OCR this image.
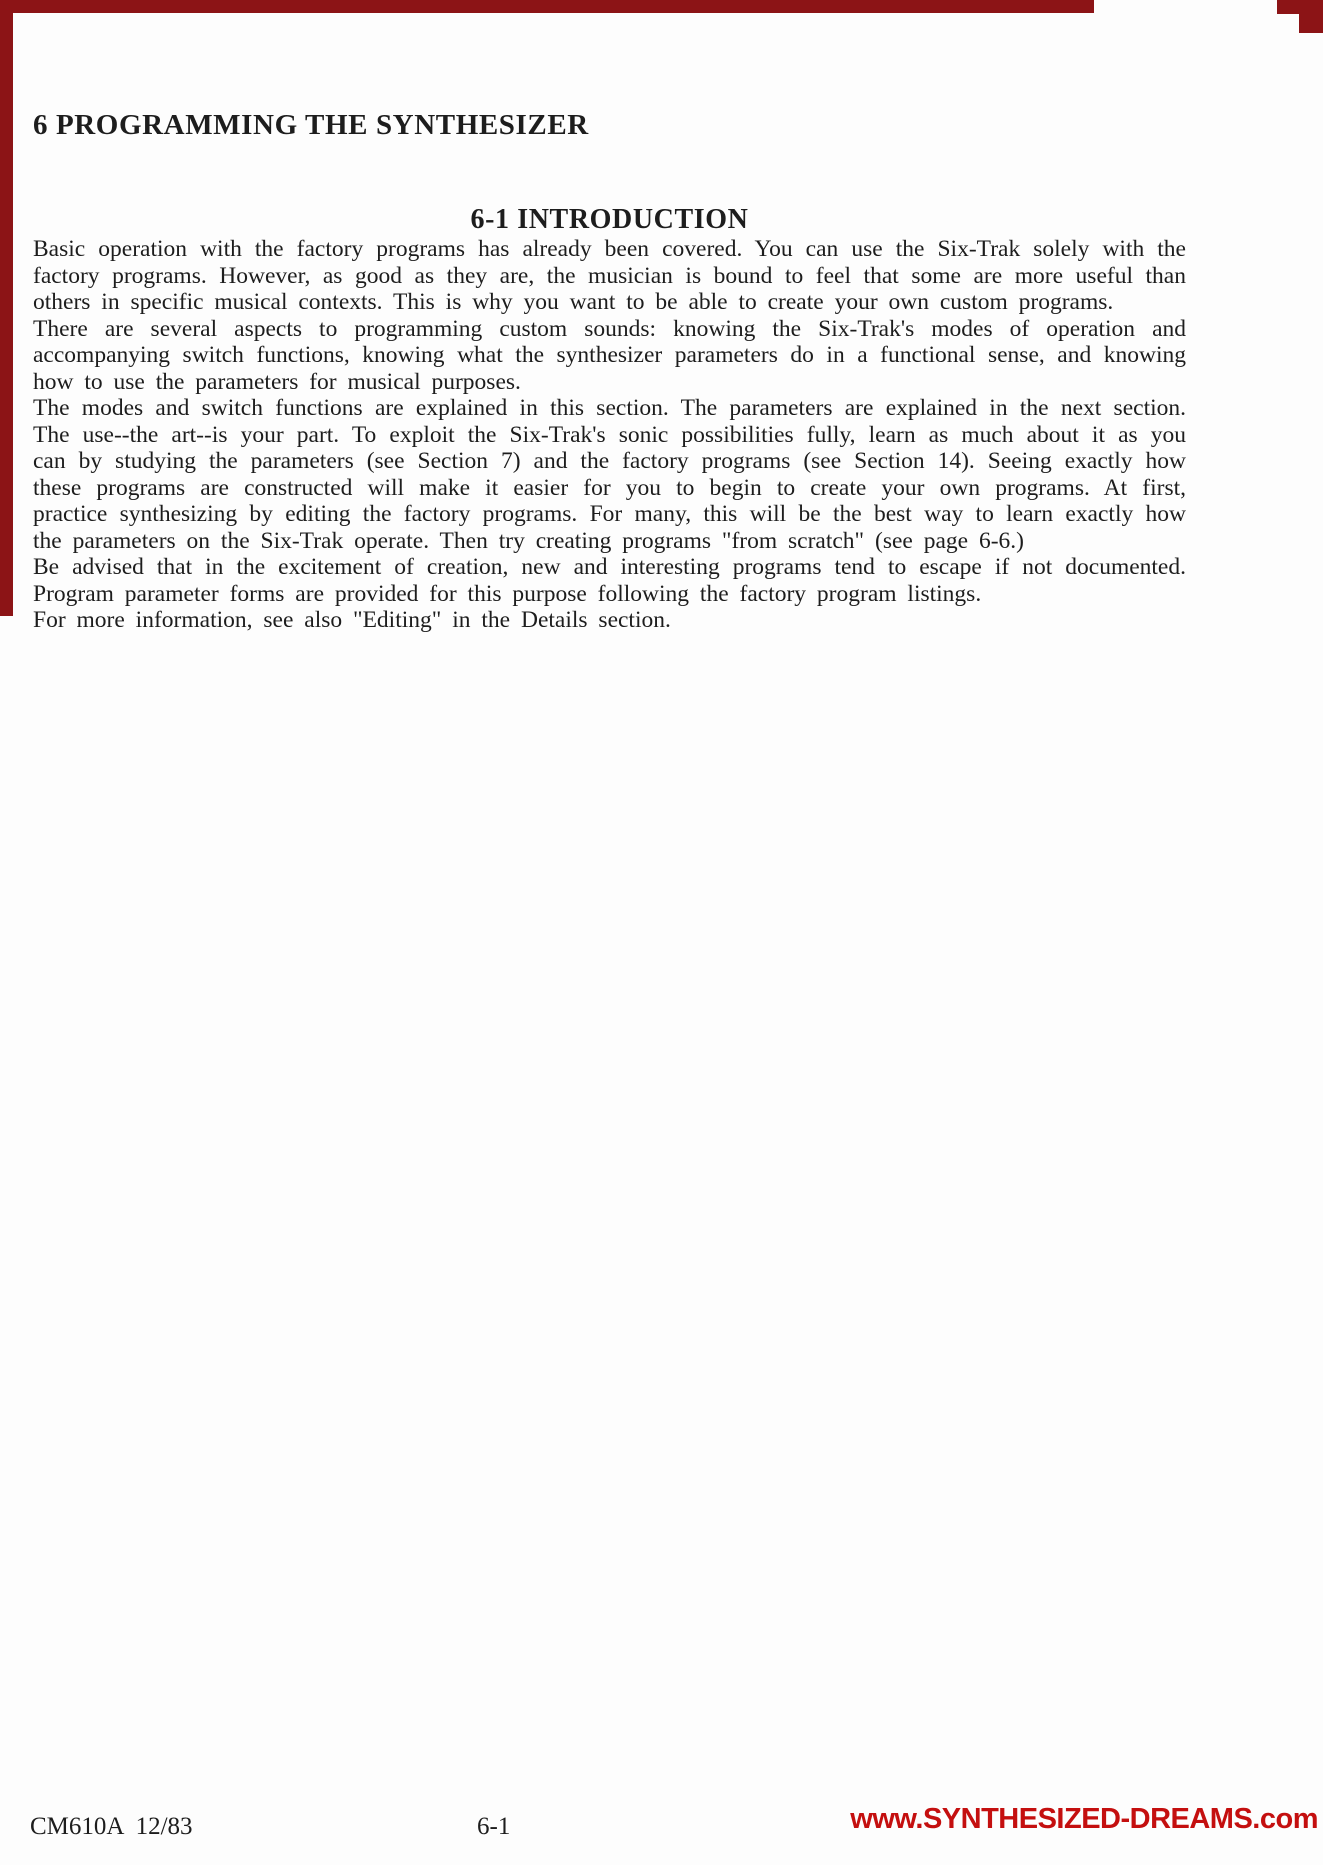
6 PROGRAMMING THE SYNTHESIZER
6-1 INTRODUCTION

Basic operation with the factory programs has already been covered. You can use the Six-Trak solely with the factory programs. However, as good as they are, the musician is bound to feel that some are more useful than others in specific musical contexts. This is why you want to be able to create your own custom programs.

There are several aspects to programming custom sounds: knowing the Six-Trak's modes of operation and accompanying switch functions, knowing what the synthesizer parameters do in a functional sense, and knowing how to use the parameters for musical purposes.

The modes and switch functions are explained in this section. The parameters are explained in the next section. The use--the art--is your part. To exploit the Six-Trak's sonic possibilities fully, learn as much about it as you can by studying the parameters (see Section 7) and the factory programs (see Section 14). Seeing exactly how these programs are constructed will make it easier for you to begin to create your own programs. At first, practice synthesizing by editing the factory programs. For many, this will be the best way to learn exactly how the parameters on the Six-Trak operate. Then try creating programs "from scratch" (see page 6-6.)

Be advised that in the excitement of creation, new and interesting programs tend to escape if not documented. Program parameter forms are provided for this purpose following the factory program listings.

For more information, see also "Editing" in the Details section.

CM610A  12/83	6-1	www.SYNTHESIZED-DREAMS.com
